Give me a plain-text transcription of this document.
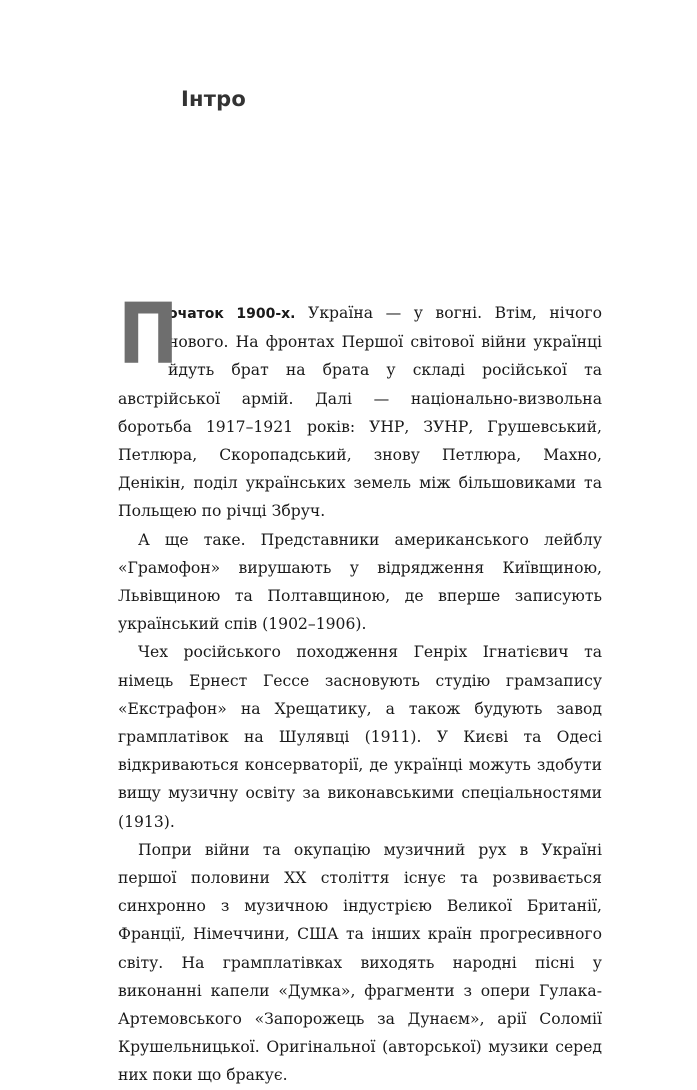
Інтро

П
очаток 1900-х. Україна — у вогні. Втім, нічого нового. На фронтах Першої світової війни українці йдуть брат на брата у складі російської та австрійської армій. Далі — національно-визвольна боротьба 1917–1921 років: УНР, ЗУНР, Грушевський, Петлюра, Скоропадський, знову Петлюра, Махно, Денікін, поділ українських земель між більшовиками та Польщею по річці Збруч.

А ще таке. Представники американського лейблу «Грамофон» вирушають у відрядження Київщиною, Львівщиною та Полтавщиною, де вперше записують український спів (1902–1906).

Чех російського походження Генріх Ігнатієвич та німець Ернест Гессе засновують студію грамзапису «Екстрафон» на Хрещатику, а також будують завод грамплатівок на Шулявці (1911). У Києві та Одесі відкриваються консерваторії, де українці можуть здобути вищу музичну освіту за виконавськими спеціальностями (1913).

Попри війни та окупацію музичний рух в Україні першої половини XX століття існує та розвивається синхронно з музичною індустрією Великої Британії, Франції, Німеччини, США та інших країн прогресивного світу. На грамплатівках виходять народні пісні у виконанні капели «Думка», фрагменти з опери Гулака-Артемовського «Запорожець за Дунаєм», арії Соломії Крушельницької. Оригінальної (авторської) музики серед них поки що бракує.
